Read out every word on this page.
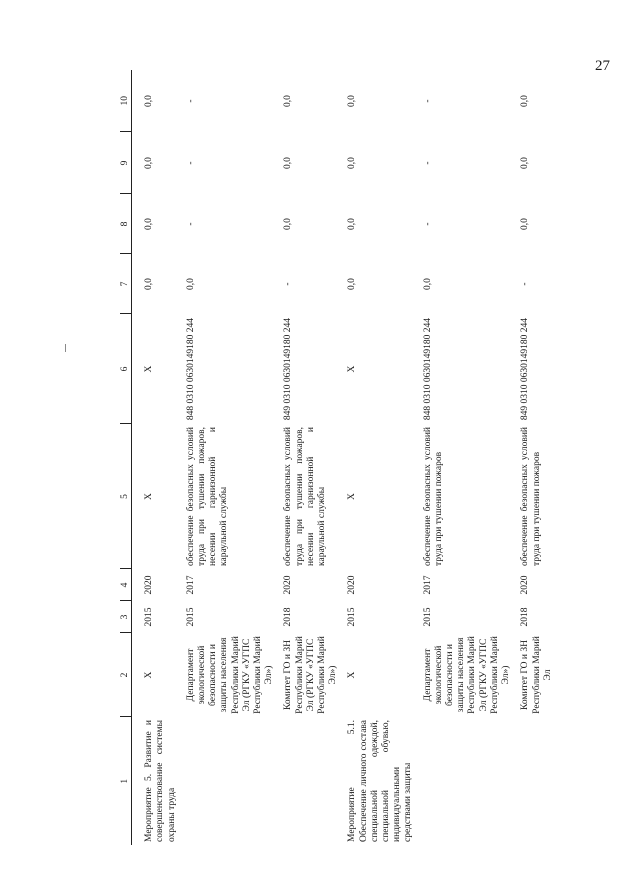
27
1	2	3	4	5	6	7	8	9	10

Мероприятие 5. Развитие и совершенствование системы охраны труда	X	2015	2020	X	X	0,0	0,0	0,0	0,0
	Департамент экологической безопасности и защиты населения Республики Марий Эл (РГКУ «УГПС Республики Марий Эл»)	2015	2017	обеспечение безопасных условий труда при тушении пожаров, несении гарнизонной и караульной службы	848 0310 0630149180 244	0,0	-	-	-
	Комитет ГО и ЗН Республики Марий Эл (РГКУ «УГПС Республики Марий Эл»)	2018	2020	обеспечение безопасных условий труда при тушении пожаров, несении гарнизонной и караульной службы	849 0310 0630149180 244	-	0,0	0,0	0,0
Мероприятие 5.1. Обеспечение личного состава специальной одеждой, специальной обувью, индивидуальными средствами защиты	X	2015	2020	X	X	0,0	0,0	0,0	0,0
	Департамент экологической безопасности и защиты населения Республики Марий Эл (РГКУ «УГПС Республики Марий Эл»)	2015	2017	обеспечение безопасных условий труда при тушении пожаров	848 0310 0630149180 244	0,0	-	-	-
	Комитет ГО и ЗН Республики Марий Эл	2018	2020	обеспечение безопасных условий труда при тушении пожаров	849 0310 0630149180 244	-	0,0	0,0	0,0
